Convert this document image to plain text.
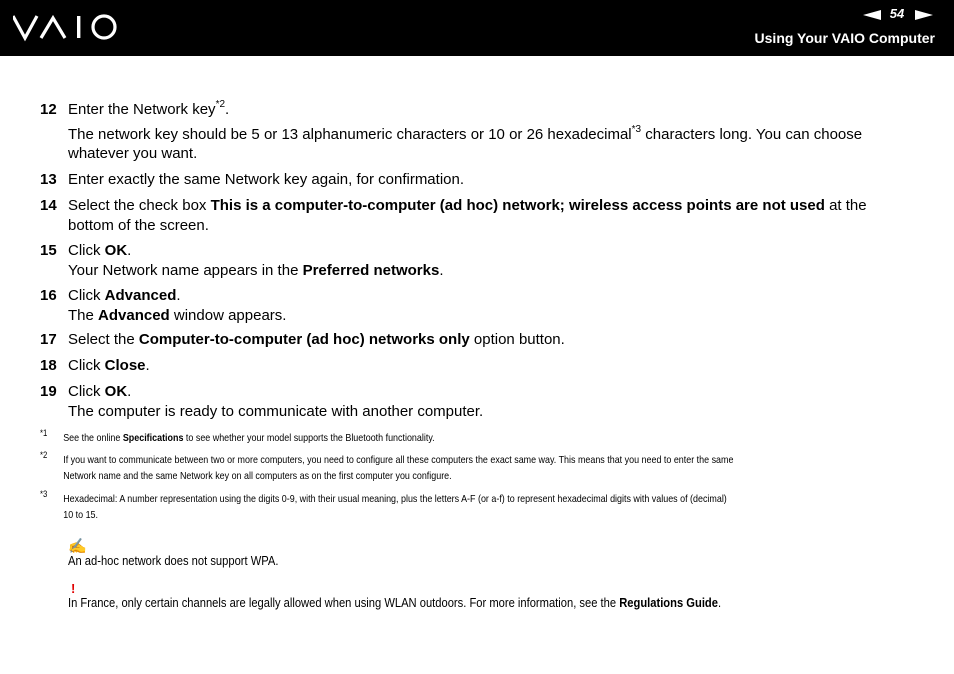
54
Using Your VAIO Computer
12 Enter the Network key$^{*2}$.
The network key should be 5 or 13 alphanumeric characters or 10 or 26 hexadecimal$^{*3}$ characters long. You can choose whatever you want.
13 Enter exactly the same Network key again, for confirmation.
14 Select the check box This is a computer-to-computer (ad hoc) network; wireless access points are not used at the bottom of the screen.
15 Click OK.
Your Network name appears in the Preferred networks.
16 Click Advanced.
The Advanced window appears.
17 Select the Computer-to-computer (ad hoc) networks only option button.
18 Click Close.
19 Click OK.
The computer is ready to communicate with another computer.
*1 See the online Specifications to see whether your model supports the Bluetooth functionality.
*2 If you want to communicate between two or more computers, you need to configure all these computers the exact same way. This means that you need to enter the same
Network name and the same Network key on all computers as on the first computer you configure.
*3 Hexadecimal: A number representation using the digits 0-9, with their usual meaning, plus the letters A-F (or a-f) to represent hexadecimal digits with values of (decimal)
10 to 15.
✍
An ad-hoc network does not support WPA.
!
In France, only certain channels are legally allowed when using WLAN outdoors. For more information, see the Regulations Guide.
